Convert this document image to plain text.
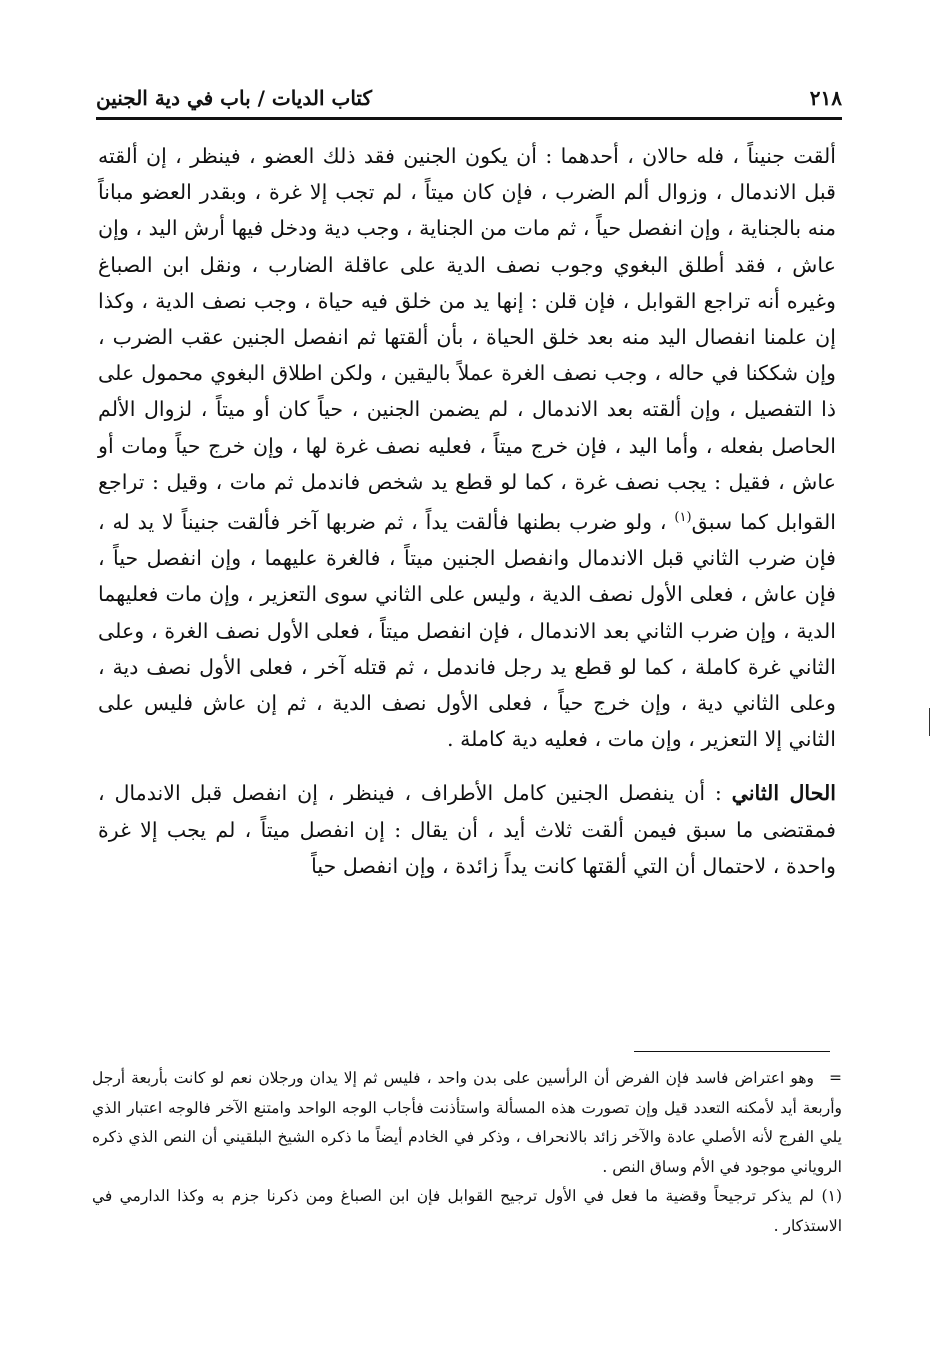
٢١٨
كتاب الديات / باب في دية الجنين

ألقت جنيناً ، فله حالان ، أحدهما : أن يكون الجنين فقد ذلك العضو ، فينظر ، إن ألقته قبل الاندمال ، وزوال ألم الضرب ، فإن كان ميتاً ، لم تجب إلا غرة ، وبقدر العضو مباناً منه بالجناية ، وإن انفصل حياً ، ثم مات من الجناية ، وجب دية ودخل فيها أرش اليد ، وإن عاش ، فقد أطلق البغوي وجوب نصف الدية على عاقلة الضارب ، ونقل ابن الصباغ وغيره أنه تراجع القوابل ، فإن قلن : إنها يد من خلق فيه حياة ، وجب نصف الدية ، وكذا إن علمنا انفصال اليد منه بعد خلق الحياة ، بأن ألقتها ثم انفصل الجنين عقب الضرب ، وإن شككنا في حاله ، وجب نصف الغرة عملاً باليقين ، ولكن اطلاق البغوي محمول على ذا التفصيل ، وإن ألقته بعد الاندمال ، لم يضمن الجنين ، حياً كان أو ميتاً ، لزوال الألم الحاصل بفعله ، وأما اليد ، فإن خرج ميتاً ، فعليه نصف غرة لها ، وإن خرج حياً ومات أو عاش ، فقيل : يجب نصف غرة ، كما لو قطع يد شخص فاندمل ثم مات ، وقيل : تراجع القوابل كما سبق$^{(١)}$ ، ولو ضرب بطنها فألقت يداً ، ثم ضربها آخر فألقت جنيناً لا يد له ، فإن ضرب الثاني قبل الاندمال وانفصل الجنين ميتاً ، فالغرة عليهما ، وإن انفصل حياً ، فإن عاش ، فعلى الأول نصف الدية ، وليس على الثاني سوى التعزير ، وإن مات فعليهما الدية ، وإن ضرب الثاني بعد الاندمال ، فإن انفصل ميتاً ، فعلى الأول نصف الغرة ، وعلى الثاني غرة كاملة ، كما لو قطع يد رجل فاندمل ، ثم قتله آخر ، فعلى الأول نصف دية ، وعلى الثاني دية ، وإن خرج حياً ، فعلى الأول نصف الدية ، ثم إن عاش فليس على الثاني إلا التعزير ، وإن مات ، فعليه دية كاملة .

الحال الثاني : أن ينفصل الجنين كامل الأطراف ، فينظر ، إن انفصل قبل الاندمال ، فمقتضى ما سبق فيمن ألقت ثلاث أيد ، أن يقال : إن انفصل ميتاً ، لم يجب إلا غرة واحدة ، لاحتمال أن التي ألقتها كانت يداً زائدة ، وإن انفصل حياً

=وهو اعتراض فاسد فإن الفرض أن الرأسين على بدن واحد ، فليس ثم إلا يدان ورجلان نعم لو كانت بأربعة أرجل وأربعة أيد لأمكنه التعدد قيل وإن تصورت هذه المسألة واستأذنت فأجاب الوجه الواحد وامتنع الآخر فالوجه اعتبار الذي يلي الفرج لأنه الأصلي عادة والآخر زائد بالانحراف ، وذكر في الخادم أيضاً ما ذكره الشيخ البلقيني أن النص الذي ذكره الروياني موجود في الأم وساق النص .

(١)لم يذكر ترجيحاً وقضية ما فعل في الأول ترجيح القوابل فإن ابن الصباغ ومن ذكرنا جزم به وكذا الدارمي في الاستذكار .
